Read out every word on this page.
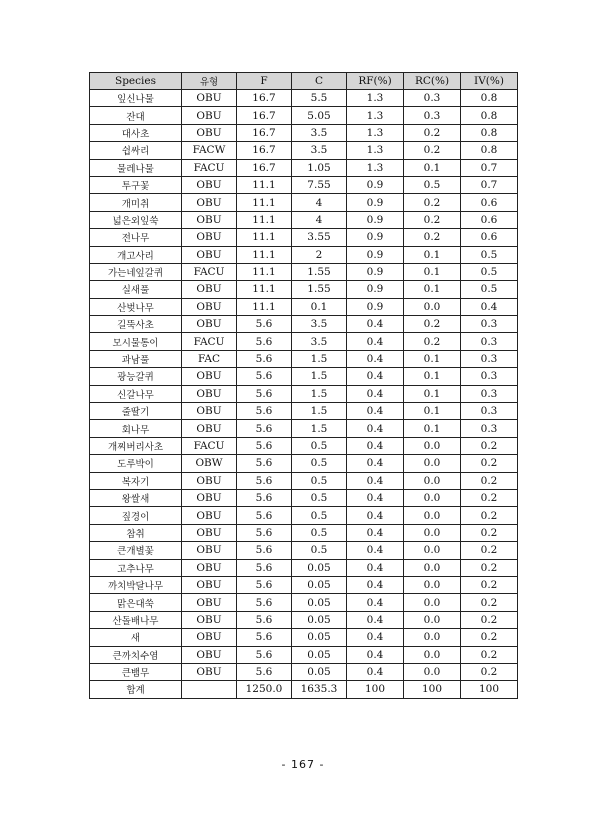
Species	유형	F	C	RF(%)	RC(%)	IV(%)
잎신나물	OBU	16.7	5.5	1.3	0.3	0.8
잔대	OBU	16.7	5.05	1.3	0.3	0.8
대사초	OBU	16.7	3.5	1.3	0.2	0.8
쉽싸리	FACW	16.7	3.5	1.3	0.2	0.8
물레나물	FACU	16.7	1.05	1.3	0.1	0.7
투구꽃	OBU	11.1	7.55	0.9	0.5	0.7
개미취	OBU	11.1	4	0.9	0.2	0.6
넓은외잎쑥	OBU	11.1	4	0.9	0.2	0.6
전나무	OBU	11.1	3.55	0.9	0.2	0.6
개고사리	OBU	11.1	2	0.9	0.1	0.5
가는네잎갈퀴	FACU	11.1	1.55	0.9	0.1	0.5
실새풀	OBU	11.1	1.55	0.9	0.1	0.5
산벚나무	OBU	11.1	0.1	0.9	0.0	0.4
길뚝사초	OBU	5.6	3.5	0.4	0.2	0.3
모시물통이	FACU	5.6	3.5	0.4	0.2	0.3
과남풀	FAC	5.6	1.5	0.4	0.1	0.3
광능갈퀴	OBU	5.6	1.5	0.4	0.1	0.3
신갈나무	OBU	5.6	1.5	0.4	0.1	0.3
줄딸기	OBU	5.6	1.5	0.4	0.1	0.3
회나무	OBU	5.6	1.5	0.4	0.1	0.3
개찌버리사초	FACU	5.6	0.5	0.4	0.0	0.2
도루박이	OBW	5.6	0.5	0.4	0.0	0.2
복자기	OBU	5.6	0.5	0.4	0.0	0.2
왕쌀새	OBU	5.6	0.5	0.4	0.0	0.2
짚경이	OBU	5.6	0.5	0.4	0.0	0.2
참취	OBU	5.6	0.5	0.4	0.0	0.2
큰개별꽃	OBU	5.6	0.5	0.4	0.0	0.2
고추나무	OBU	5.6	0.05	0.4	0.0	0.2
까치박달나무	OBU	5.6	0.05	0.4	0.0	0.2
맑은대쑥	OBU	5.6	0.05	0.4	0.0	0.2
산돌배나무	OBU	5.6	0.05	0.4	0.0	0.2
새	OBU	5.6	0.05	0.4	0.0	0.2
큰까치수염	OBU	5.6	0.05	0.4	0.0	0.2
큰뱀무	OBU	5.6	0.05	0.4	0.0	0.2
합계		1250.0	1635.3	100	100	100
- 167 -
